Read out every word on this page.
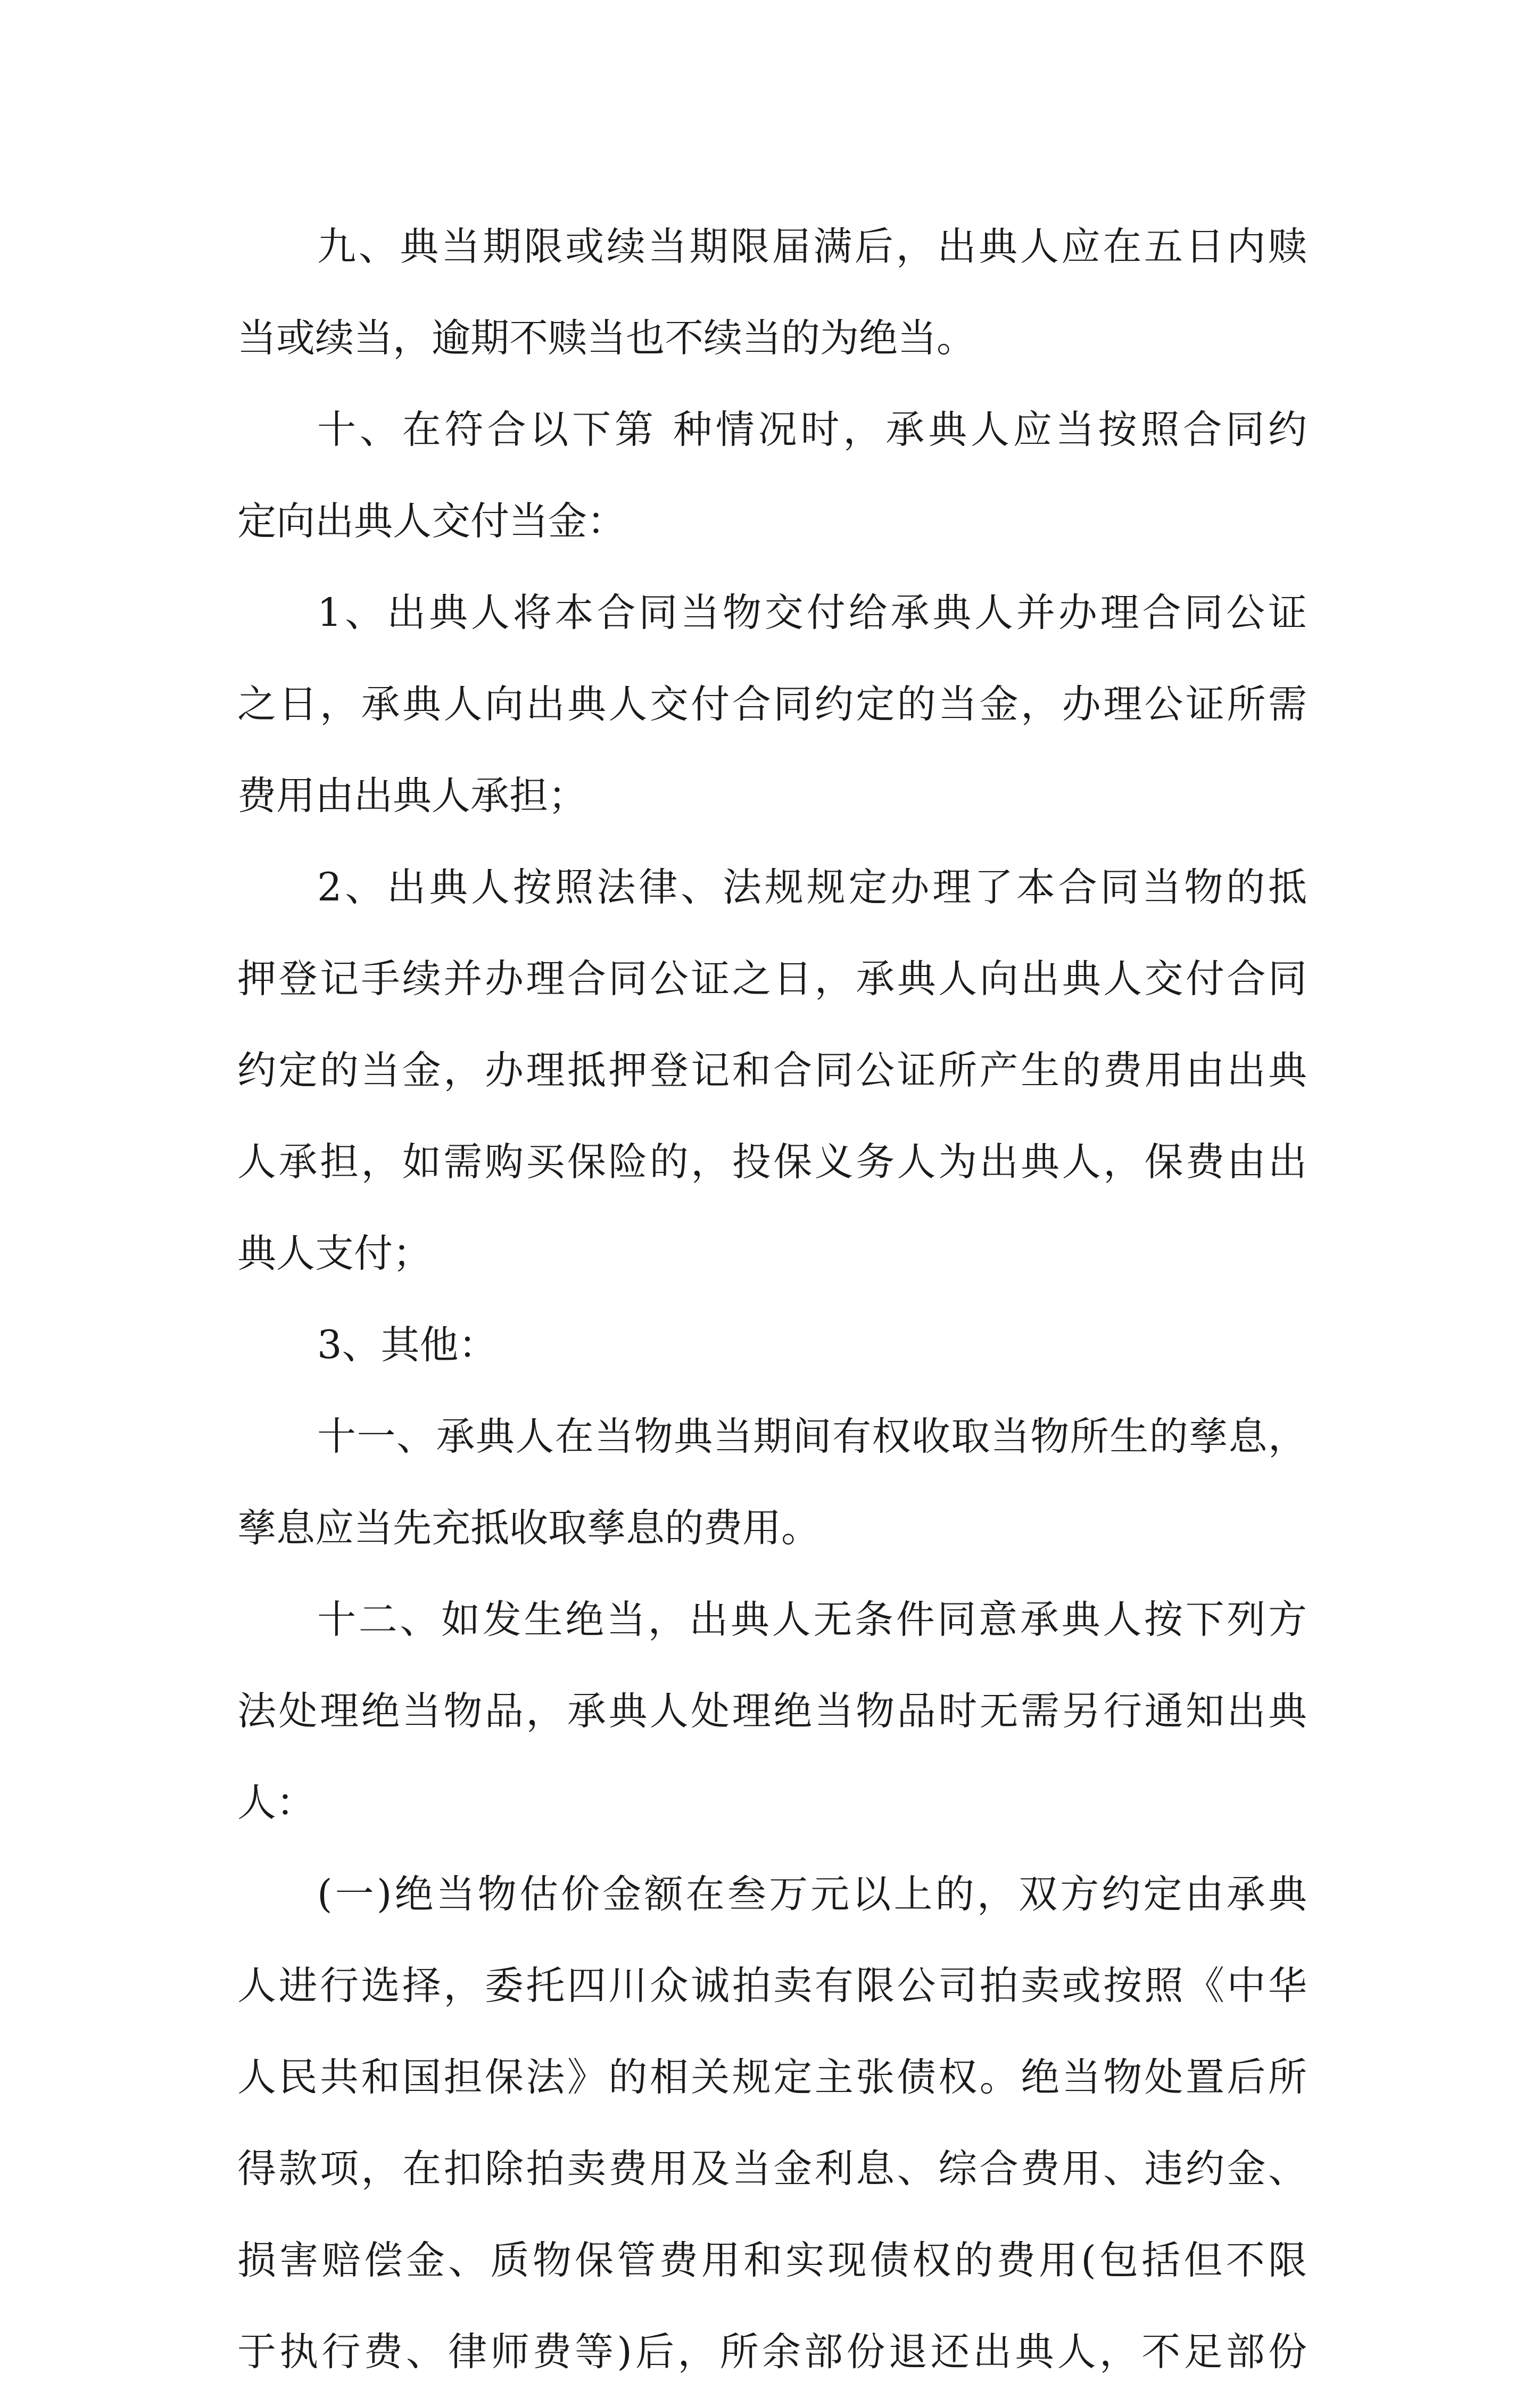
九、典当期限或续当期限届满后，出典人应在五日内赎
当或续当，逾期不赎当也不续当的为绝当。
十、在符合以下第 种情况时，承典人应当按照合同约
定向出典人交付当金：
1、出典人将本合同当物交付给承典人并办理合同公证
之日，承典人向出典人交付合同约定的当金，办理公证所需
费用由出典人承担；
2、出典人按照法律、法规规定办理了本合同当物的抵
押登记手续并办理合同公证之日，承典人向出典人交付合同
约定的当金，办理抵押登记和合同公证所产生的费用由出典
人承担，如需购买保险的，投保义务人为出典人，保费由出
典人支付；
3、其他：
十一、承典人在当物典当期间有权收取当物所生的孳息，
孳息应当先充抵收取孳息的费用。
十二、如发生绝当，出典人无条件同意承典人按下列方
法处理绝当物品，承典人处理绝当物品时无需另行通知出典
人：
(一)绝当物估价金额在叁万元以上的，双方约定由承典
人进行选择，委托四川众诚拍卖有限公司拍卖或按照《中华
人民共和国担保法》的相关规定主张债权。绝当物处置后所
得款项，在扣除拍卖费用及当金利息、综合费用、违约金、
损害赔偿金、质物保管费用和实现债权的费用(包括但不限
于执行费、律师费等)后，所余部份退还出典人，不足部份
